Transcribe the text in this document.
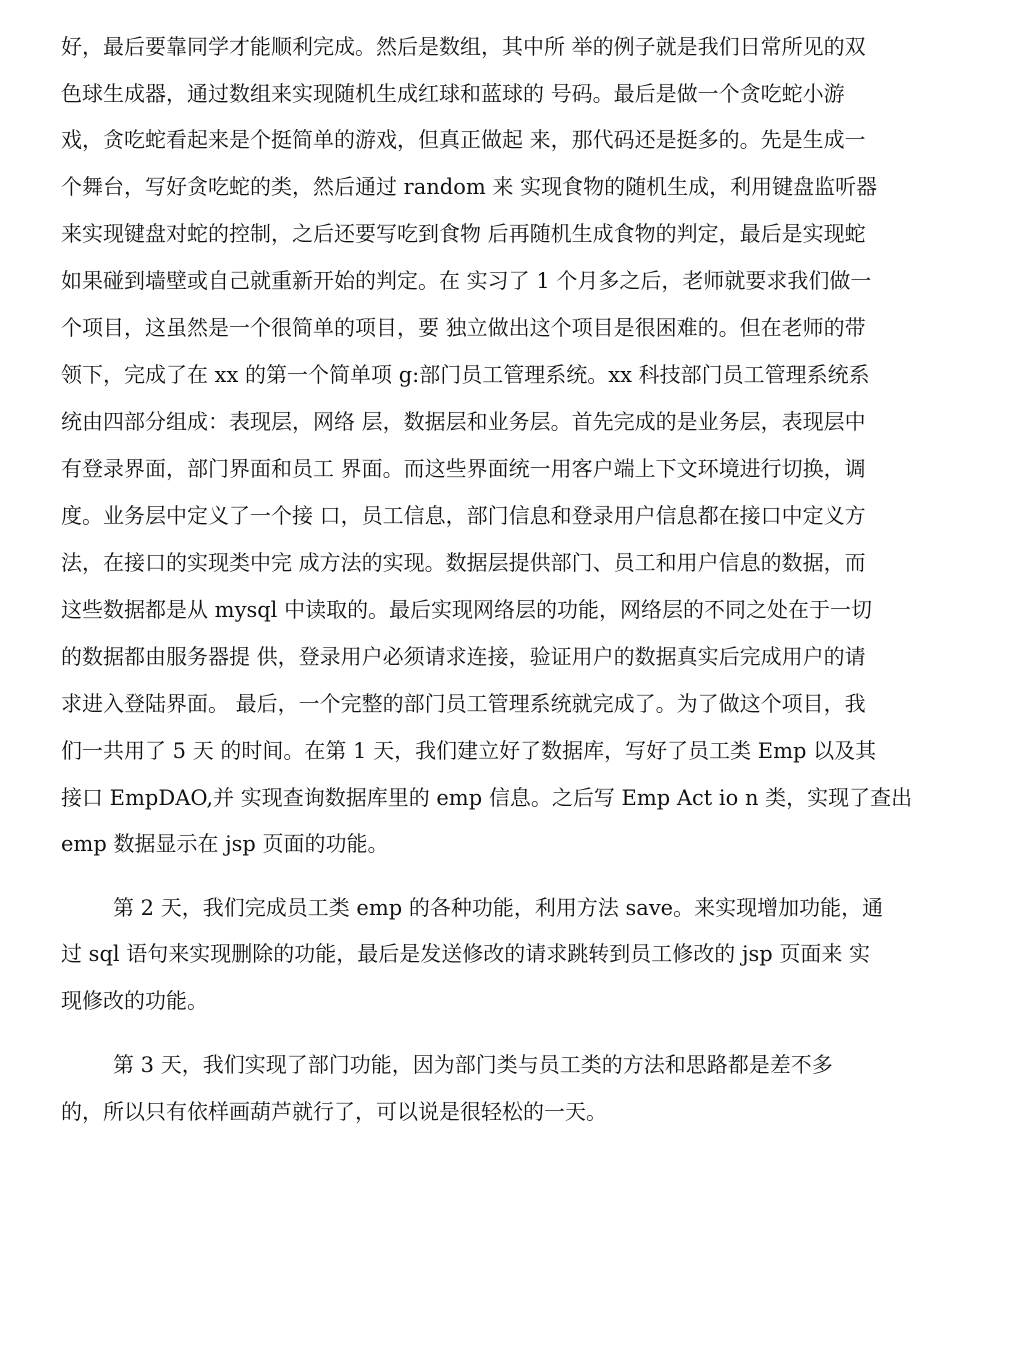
好，最后要靠同学才能顺利完成。然后是数组，其中所 举的例子就是我们日常所见的双
色球生成器，通过数组来实现随机生成红球和蓝球的 号码。最后是做一个贪吃蛇小游
戏，贪吃蛇看起来是个挺简单的游戏，但真正做起 来，那代码还是挺多的。先是生成一
个舞台，写好贪吃蛇的类，然后通过 random 来 实现食物的随机生成，利用键盘监听器
来实现键盘对蛇的控制，之后还要写吃到食物 后再随机生成食物的判定，最后是实现蛇
如果碰到墙壁或自己就重新开始的判定。在 实习了 1 个月多之后，老师就要求我们做一
个项目，这虽然是一个很简单的项目，要 独立做出这个项目是很困难的。但在老师的带
领下，完成了在 xx 的第一个简单项 g:部门员工管理系统。xx 科技部门员工管理系统系
统由四部分组成：表现层，网络 层，数据层和业务层。首先完成的是业务层，表现层中
有登录界面，部门界面和员工 界面。而这些界面统一用客户端上下文环境进行切换，调
度。业务层中定义了一个接 口，员工信息，部门信息和登录用户信息都在接口中定义方
法，在接口的实现类中完 成方法的实现。数据层提供部门、员工和用户信息的数据，而
这些数据都是从 mysql 中读取的。最后实现网络层的功能，网络层的不同之处在于一切
的数据都由服务器提 供，登录用户必须请求连接，验证用户的数据真实后完成用户的请
求进入登陆界面。 最后，一个完整的部门员工管理系统就完成了。为了做这个项目，我
们一共用了 5 天 的时间。在第 1 天，我们建立好了数据库，写好了员工类 Emp 以及其
接口 EmpDAO,并 实现查询数据库里的 emp 信息。之后写 Emp Act io n 类，实现了查出
emp 数据显示在 jsp 页面的功能。
第 2 天，我们完成员工类 emp 的各种功能，利用方法 save。来实现增加功能，通
过 sql 语句来实现删除的功能，最后是发送修改的请求跳转到员工修改的 jsp 页面来 实
现修改的功能。
第 3 天，我们实现了部门功能，因为部门类与员工类的方法和思路都是差不多
的，所以只有依样画葫芦就行了，可以说是很轻松的一天。
